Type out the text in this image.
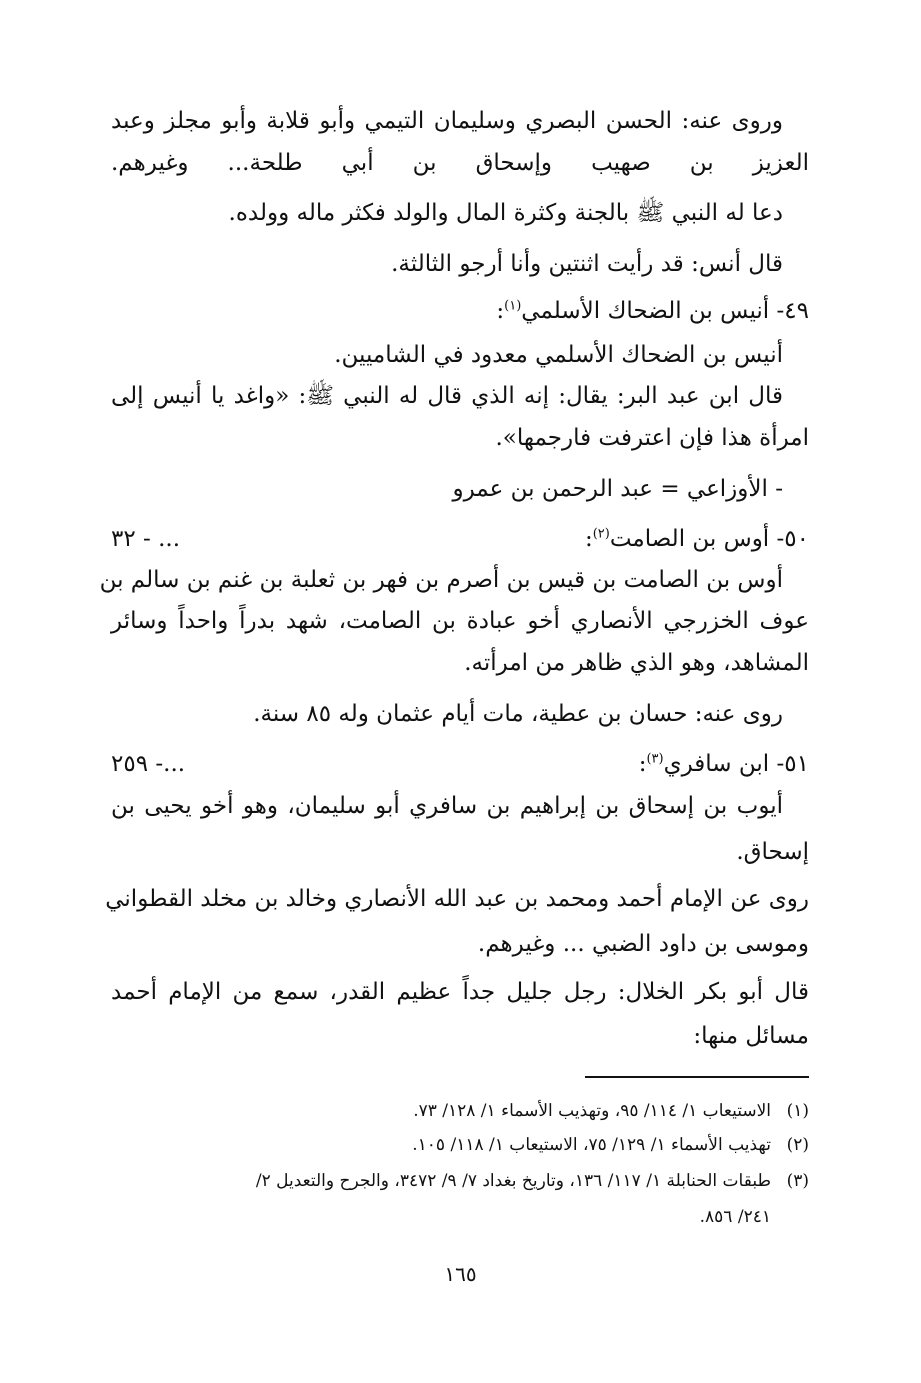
وروى عنه: الحسن البصري وسليمان التيمي وأبو قلابة وأبو مجلز وعبد
العزيز بن صهيب وإسحاق بن أبي طلحة... وغيرهم.
دعا له النبي ﷺ بالجنة وكثرة المال والولد فكثر ماله وولده.
قال أنس: قد رأيت اثنتين وأنا أرجو الثالثة.
٤٩- أنيس بن الضحاك الأسلمي$^{(١)}$:
أنيس بن الضحاك الأسلمي معدود في الشاميين.
قال ابن عبد البر: يقال: إنه الذي قال له النبي ﷺ: «واغد يا أنيس إلى
امرأة هذا فإن اعترفت فارجمها».
- الأوزاعي = عبد الرحمن بن عمرو
٥٠- أوس بن الصامت$^{(٢)}$:
... - ٣٢
أوس بن الصامت بن قيس بن أصرم بن فهر بن ثعلبة بن غنم بن سالم بن
عوف الخزرجي الأنصاري أخو عبادة بن الصامت، شهد بدراً واحداً وسائر
المشاهد، وهو الذي ظاهر من امرأته.
روى عنه: حسان بن عطية، مات أيام عثمان وله ٨٥ سنة.
٥١- ابن سافري$^{(٣)}$:
...- ٢٥٩
أيوب بن إسحاق بن إبراهيم بن سافري أبو سليمان، وهو أخو يحيى بن
إسحاق.
روى عن الإمام أحمد ومحمد بن عبد الله الأنصاري وخالد بن مخلد القطواني
وموسى بن داود الضبي ... وغيرهم.
قال أبو بكر الخلال: رجل جليل جداً عظيم القدر، سمع من الإمام أحمد
مسائل منها:
(١)
الاستيعاب ١/ ١١٤/ ٩٥، وتهذيب الأسماء ١/ ١٢٨/ ٧٣.
(٢)
تهذيب الأسماء ١/ ١٢٩/ ٧٥، الاستيعاب ١/ ١١٨/ ١٠٥.
(٣)
طبقات الحنابلة ١/ ١١٧/ ١٣٦، وتاريخ بغداد ٧/ ٩/ ٣٤٧٢، والجرح والتعديل ٢/
٢٤١/ ٨٥٦.
١٦٥
